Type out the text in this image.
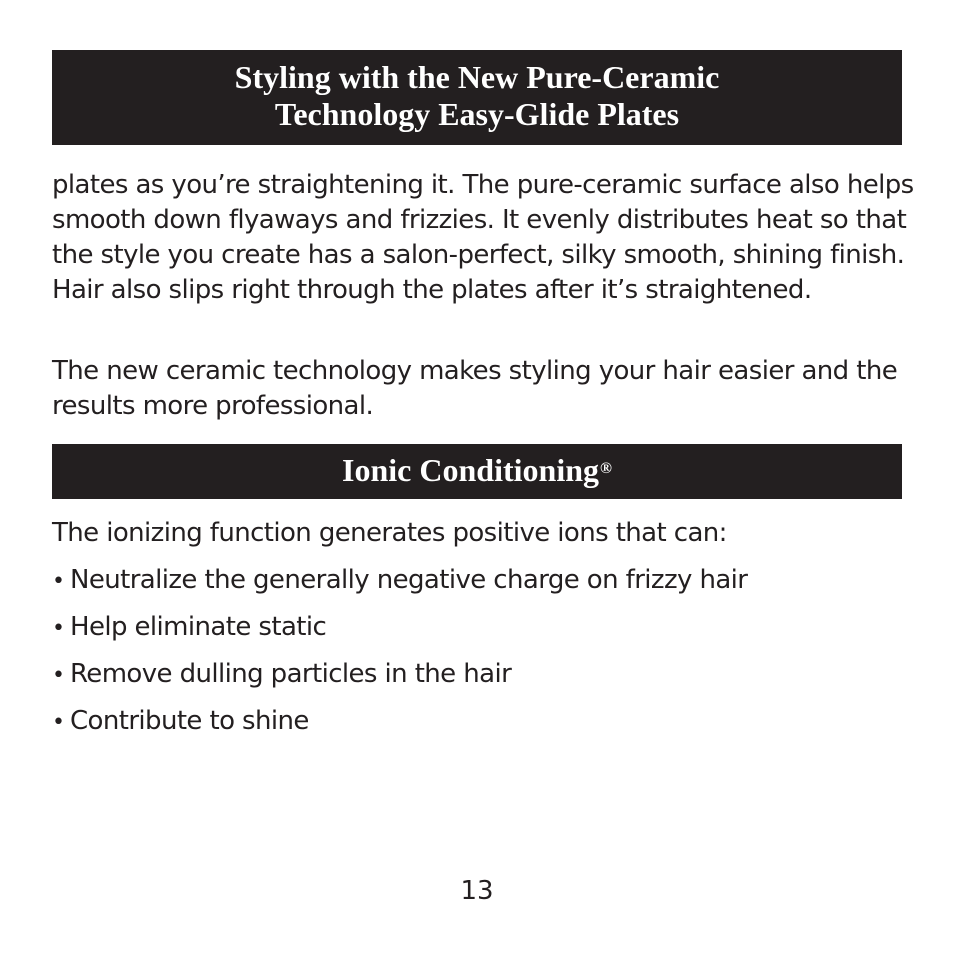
Styling with the New Pure-Ceramic
Technology Easy-Glide Plates

plates as you’re straightening it. The pure-ceramic surface also helps smooth down flyaways and frizzies. It evenly distributes heat so that the style you create has a salon-perfect, silky smooth, shining finish. Hair also slips right through the plates after it’s straightened.

The new ceramic technology makes styling your hair easier and the results more professional.

Ionic Conditioning®

The ionizing function generates positive ions that can:

• Neutralize the generally negative charge on frizzy hair
• Help eliminate static
• Remove dulling particles in the hair
• Contribute to shine
13
